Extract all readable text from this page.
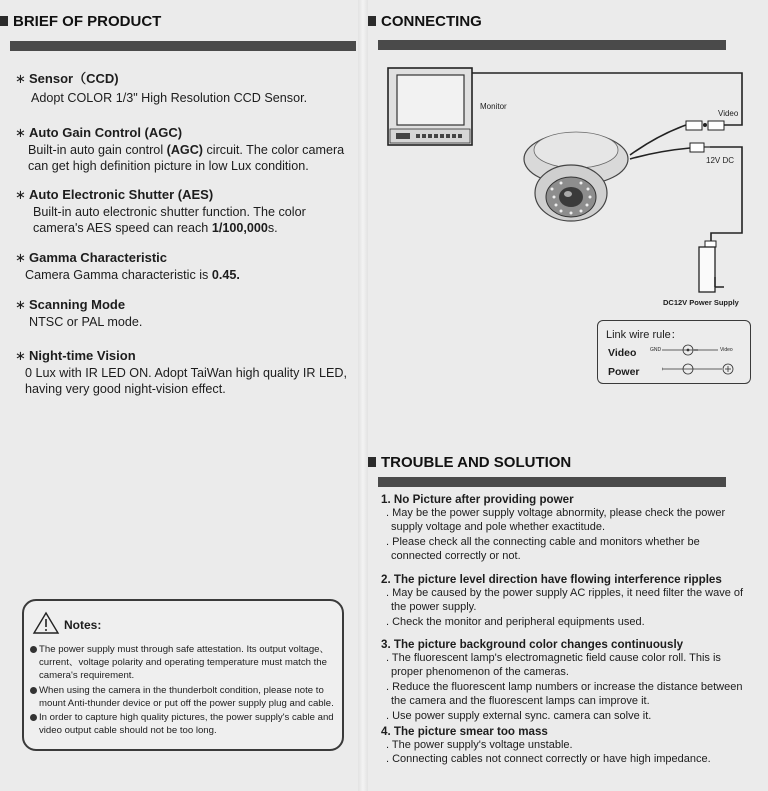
BRIEF OF PRODUCT
∗ Sensor（CCD)
Adopt COLOR 1/3" High Resolution CCD Sensor.
∗ Auto Gain Control (AGC)
Built-in auto gain control (AGC) circuit. The color camera can get high definition picture in low Lux condition.
∗ Auto Electronic Shutter (AES)
Built-in auto electronic shutter function. The color camera's AES speed can reach 1/100,000s.
∗ Gamma Characteristic
Camera Gamma characteristic is 0.45.
∗ Scanning Mode
NTSC or PAL mode.
∗ Night-time Vision
0 Lux with IR LED ON. Adopt TaiWan high quality IR LED, having very good night-vision effect.
Notes:
The power supply must through safe attestation. Its output voltage、 current、voltage polarity and operating temperature must match the camera's requirement.
When using the camera in the thunderbolt condition, please note to mount Anti-thunder device or put off the power supply plug and cable.
In order to capture high quality pictures, the power supply's cable and video output cable should not be too long.
CONNECTING
Monitor
Video
12V DC
DC12V Power Supply
Link wire rule：
Video
Power
GND	Video
TROUBLE AND SOLUTION
1. No Picture after providing power
. May be the power supply voltage abnormity, please check the power supply voltage and pole whether exactitude.
. Please check all the connecting cable and monitors whether be connected correctly or not.
2. The picture level direction have flowing interference ripples
. May be caused by the power supply AC ripples, it need filter the wave of the power supply.
. Check the monitor and peripheral equipments used.
3. The picture background color changes continuously
. The fluorescent lamp's electromagnetic field cause color roll. This is proper phenomenon of the cameras.
. Reduce the fluorescent lamp numbers or increase the distance between the camera and the fluorescent lamps can improve it.
. Use power supply external sync. camera can solve it.
4. The picture smear too mass
. The power supply's voltage unstable.
. Connecting cables not connect correctly or have high impedance.
